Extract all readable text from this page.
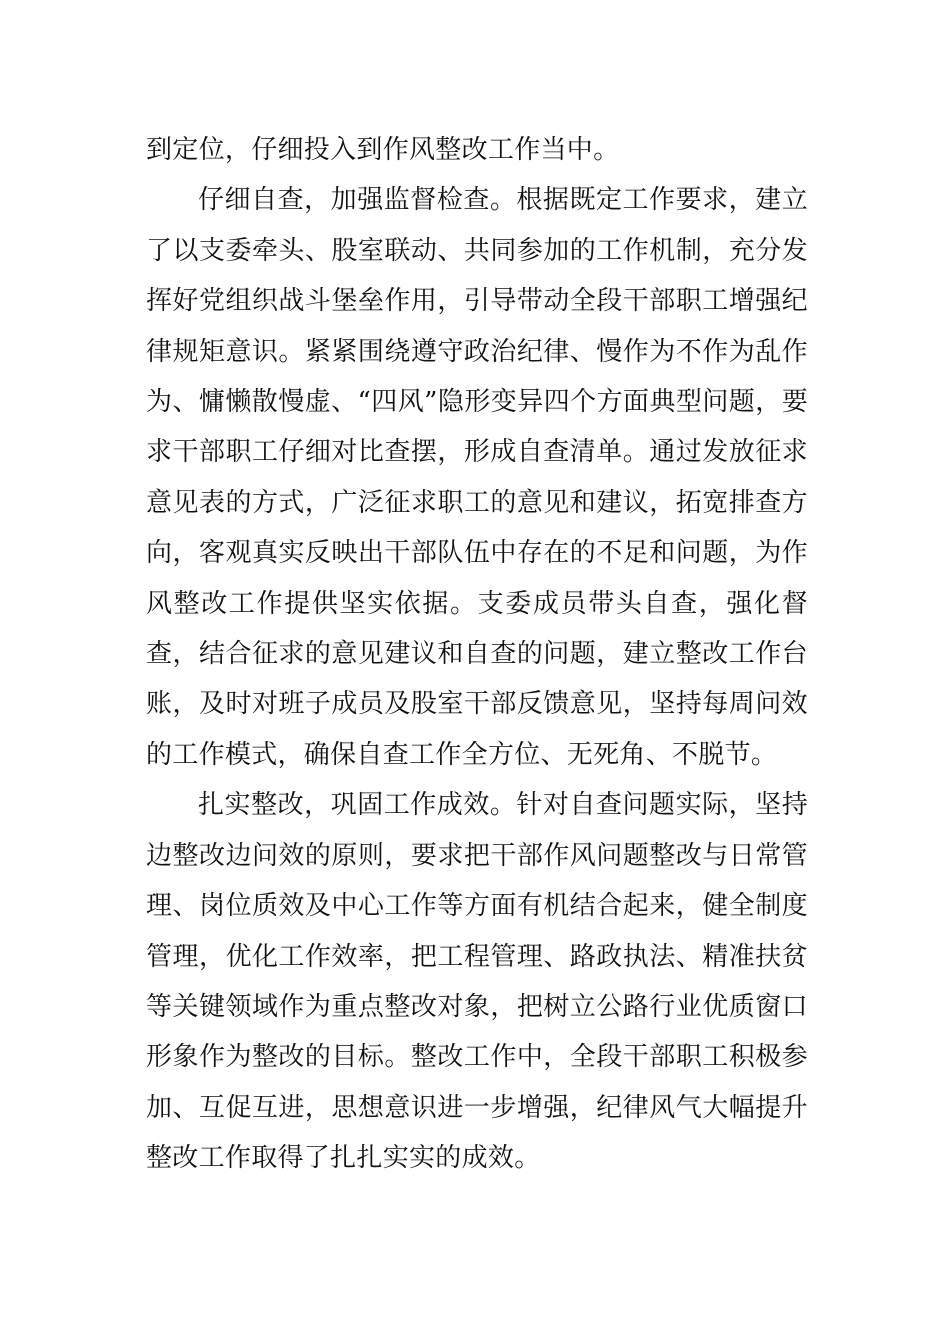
到定位，仔细投入到作风整改工作当中。

仔细自查，加强监督检查。根据既定工作要求，建立了以支委牵头、股室联动、共同参加的工作机制，充分发挥好党组织战斗堡垒作用，引导带动全段干部职工增强纪律规矩意识。紧紧围绕遵守政治纪律、慢作为不作为乱作为、慵懒散慢虚、“四风”隐形变异四个方面典型问题，要求干部职工仔细对比查摆，形成自查清单。通过发放征求意见表的方式，广泛征求职工的意见和建议，拓宽排查方向，客观真实反映出干部队伍中存在的不足和问题，为作风整改工作提供坚实依据。支委成员带头自查，强化督查，结合征求的意见建议和自查的问题，建立整改工作台账，及时对班子成员及股室干部反馈意见，坚持每周问效的工作模式，确保自查工作全方位、无死角、不脱节。

扎实整改，巩固工作成效。针对自查问题实际，坚持边整改边问效的原则，要求把干部作风问题整改与日常管理、岗位质效及中心工作等方面有机结合起来，健全制度管理，优化工作效率，把工程管理、路政执法、精准扶贫等关键领域作为重点整改对象，把树立公路行业优质窗口形象作为整改的目标。整改工作中，全段干部职工积极参加、互促互进，思想意识进一步增强，纪律风气大幅提升整改工作取得了扎扎实实的成效。
